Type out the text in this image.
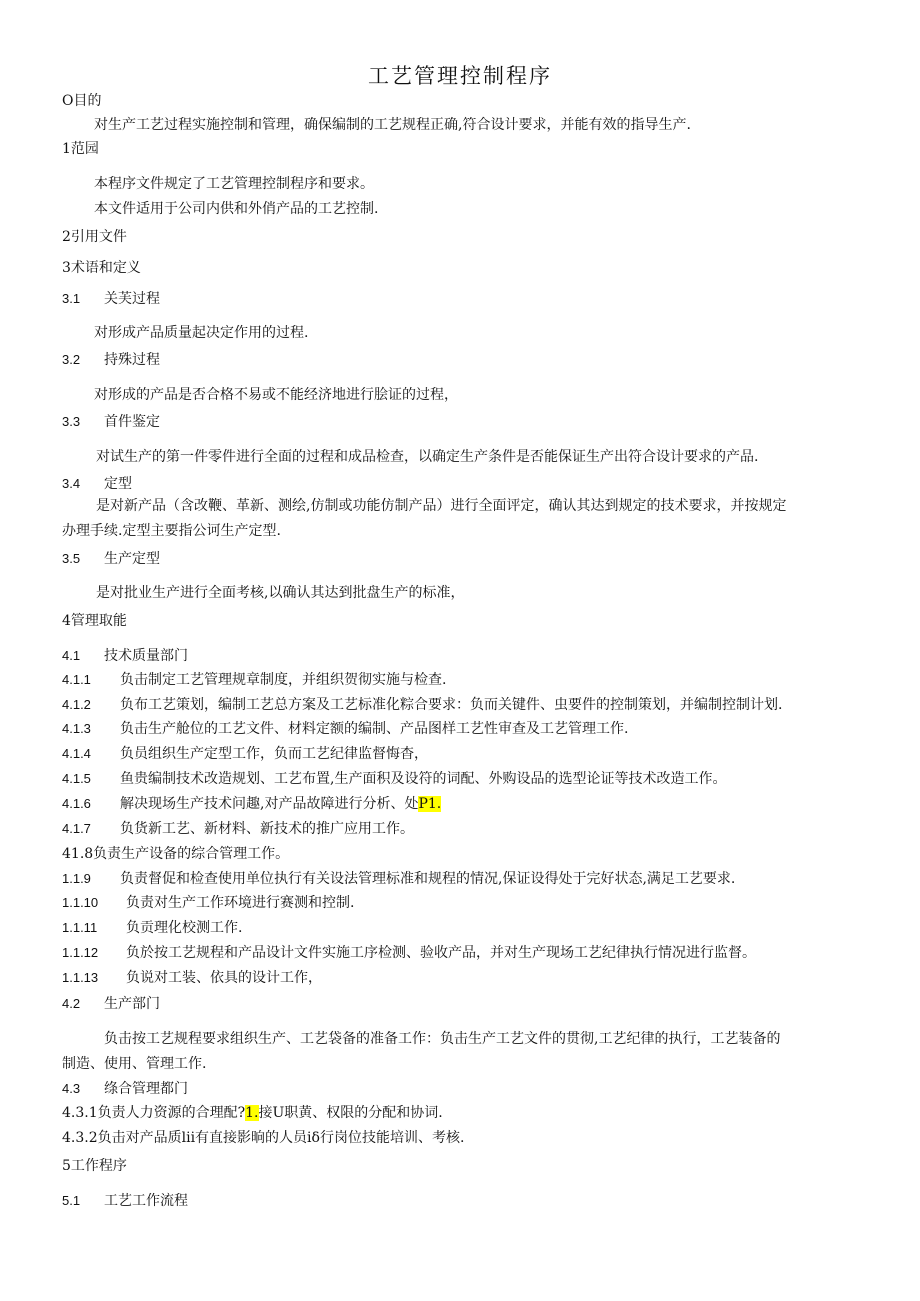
工艺管理控制程序
O目的
对生产工艺过程实施控制和管理，确保编制的工艺规程正确,符合设计要求，并能有效的指导生产.
1范园
本程序文件规定了工艺管理控制程序和要求。
本文件适用于公司内供和外俏产品的工艺控制.
2引用文件
3术语和定义
3.1 关芙过程
对形成产品质量起决定作用的过程.
3.2 持殊过程
对形成的产品是否合格不易或不能经济地进行脍证的过程，
3.3 首件鉴定
对试生产的第一件零件进行全面的过程和成品检查，以确定生产条件是否能保证生产出符合设计要求的产品.
3.4 定型
是对新产品（含改鞭、革新、测绘,仿制或功能仿制产品）进行全面评定，确认其达到规定的技术要求，并按规定
办理手续.定型主要指公诃生产定型.
3.5 生产定型
是对批业生产进行全面考核,以确认其达到批盘生产的标准，
4管理取能
4.1 技术质量部门
4.1.1 负击制定工艺管理规章制度，并组织贺彻实施与检查.
4.1.2 负布工艺策划，编制工艺总方案及工艺标准化粽合要求：负而关键件、虫要件的控制策划，并编制控制计划.
4.1.3 负击生产舱位的工艺文件、材料定额的编制、产品图样工艺性审查及工艺管理工作.
4.1.4 负员组织生产定型工作，负而工艺纪律监督悔杳，
4.1.5 鱼贵编制技术改造规划、工艺布置,生产面积及设符的词配、外购设品的选型论证等技术改造工作。
4.1.6 解决现场生产技术问趣,对产品故障进行分析、处P1.
4.1.7 负货新工艺、新材料、新技术的推广应用工作。
41.8负责生产设备的综合管理工作。
1.1.9 负责督促和检查使用单位执行有关设法管理标准和规程的情况,保证设得处于完好状态,满足工艺要求.
1.1.10 负责对生产工作环境进行赛测和控制.
1.1.11 负贡理化校测工作.
1.1.12 负於按工艺规程和产品设计文件实施工序检测、验收产品，并对生产现场工艺纪律执行情况进行监督。
1.1.13 负说对工装、依具的设计工作，
4.2 生产部门
负击按工艺规程要求组织生产、工艺袋备的准备工作：负击生产工艺文件的贯彻,工艺纪律的执行，工艺装备的
制造、使用、管理工作.
4.3 绦合管理都门
4.3.1负责人力资源的合理配?1.接U职黄、权限的分配和协词.
4.3.2负击对产品质lii有直接影晌的人员iδ行岗位技能培训、考核.
5工作程序
5.1 工艺工作流程
